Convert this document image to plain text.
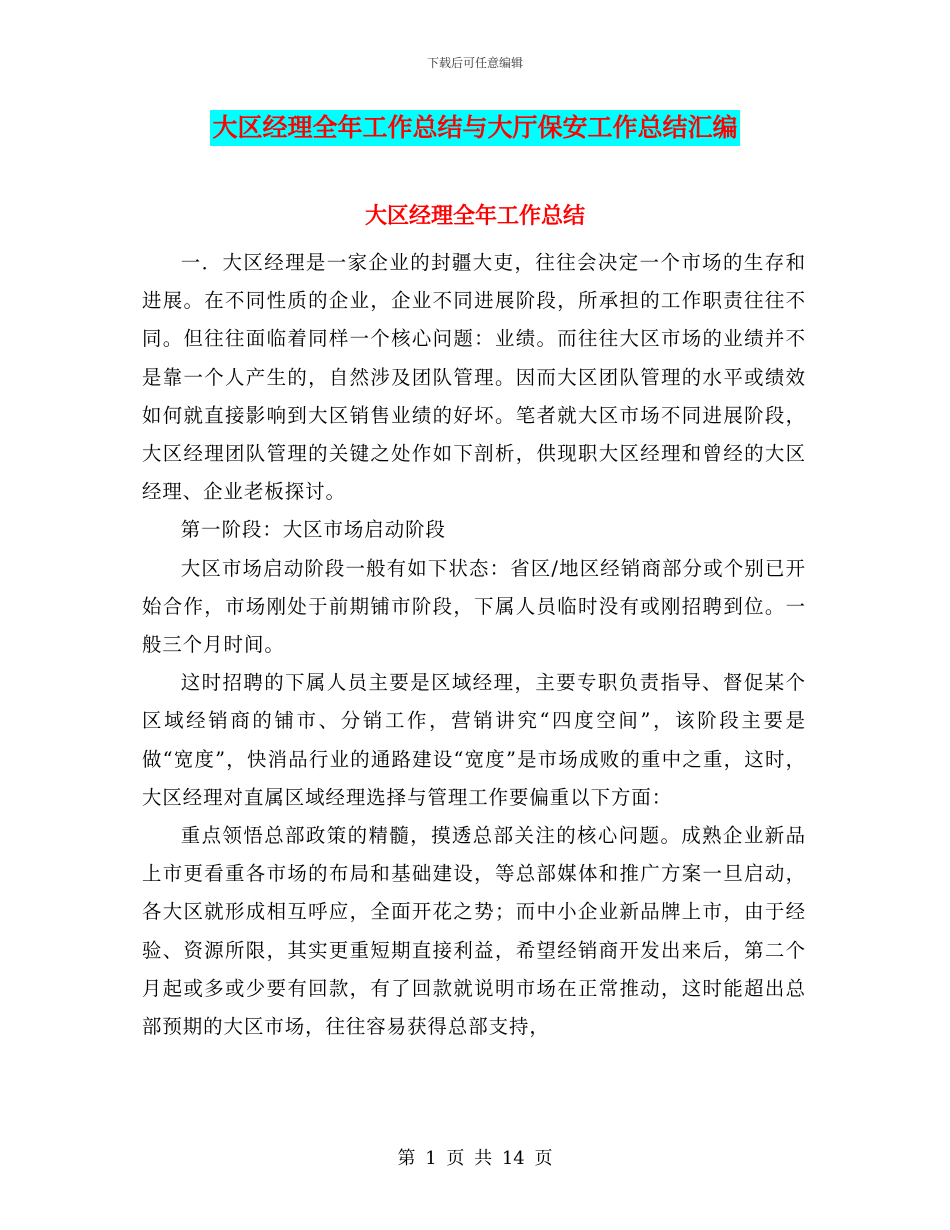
下载后可任意编辑
大区经理全年工作总结与大厅保安工作总结汇编
大区经理全年工作总结

一．大区经理是一家企业的封疆大吏，往往会决定一个市场的生存和进展。在不同性质的企业，企业不同进展阶段，所承担的工作职责往往不同。但往往面临着同样一个核心问题：业绩。而往往大区市场的业绩并不是靠一个人产生的，自然涉及团队管理。因而大区团队管理的水平或绩效如何就直接影响到大区销售业绩的好坏。笔者就大区市场不同进展阶段，大区经理团队管理的关键之处作如下剖析，供现职大区经理和曾经的大区经理、企业老板探讨。

第一阶段：大区市场启动阶段

大区市场启动阶段一般有如下状态：省区/地区经销商部分或个别已开始合作，市场刚处于前期铺市阶段，下属人员临时没有或刚招聘到位。一般三个月时间。

这时招聘的下属人员主要是区域经理，主要专职负责指导、督促某个区域经销商的铺市、分销工作，营销讲究“四度空间”，该阶段主要是做“宽度”，快消品行业的通路建设“宽度”是市场成败的重中之重，这时，大区经理对直属区域经理选择与管理工作要偏重以下方面：

重点领悟总部政策的精髓，摸透总部关注的核心问题。成熟企业新品上市更看重各市场的布局和基础建设，等总部媒体和推广方案一旦启动，各大区就形成相互呼应，全面开花之势；而中小企业新品牌上市，由于经验、资源所限，其实更重短期直接利益，希望经销商开发出来后，第二个月起或多或少要有回款，有了回款就说明市场在正常推动，这时能超出总部预期的大区市场，往往容易获得总部支持，

第 1 页 共 14 页
